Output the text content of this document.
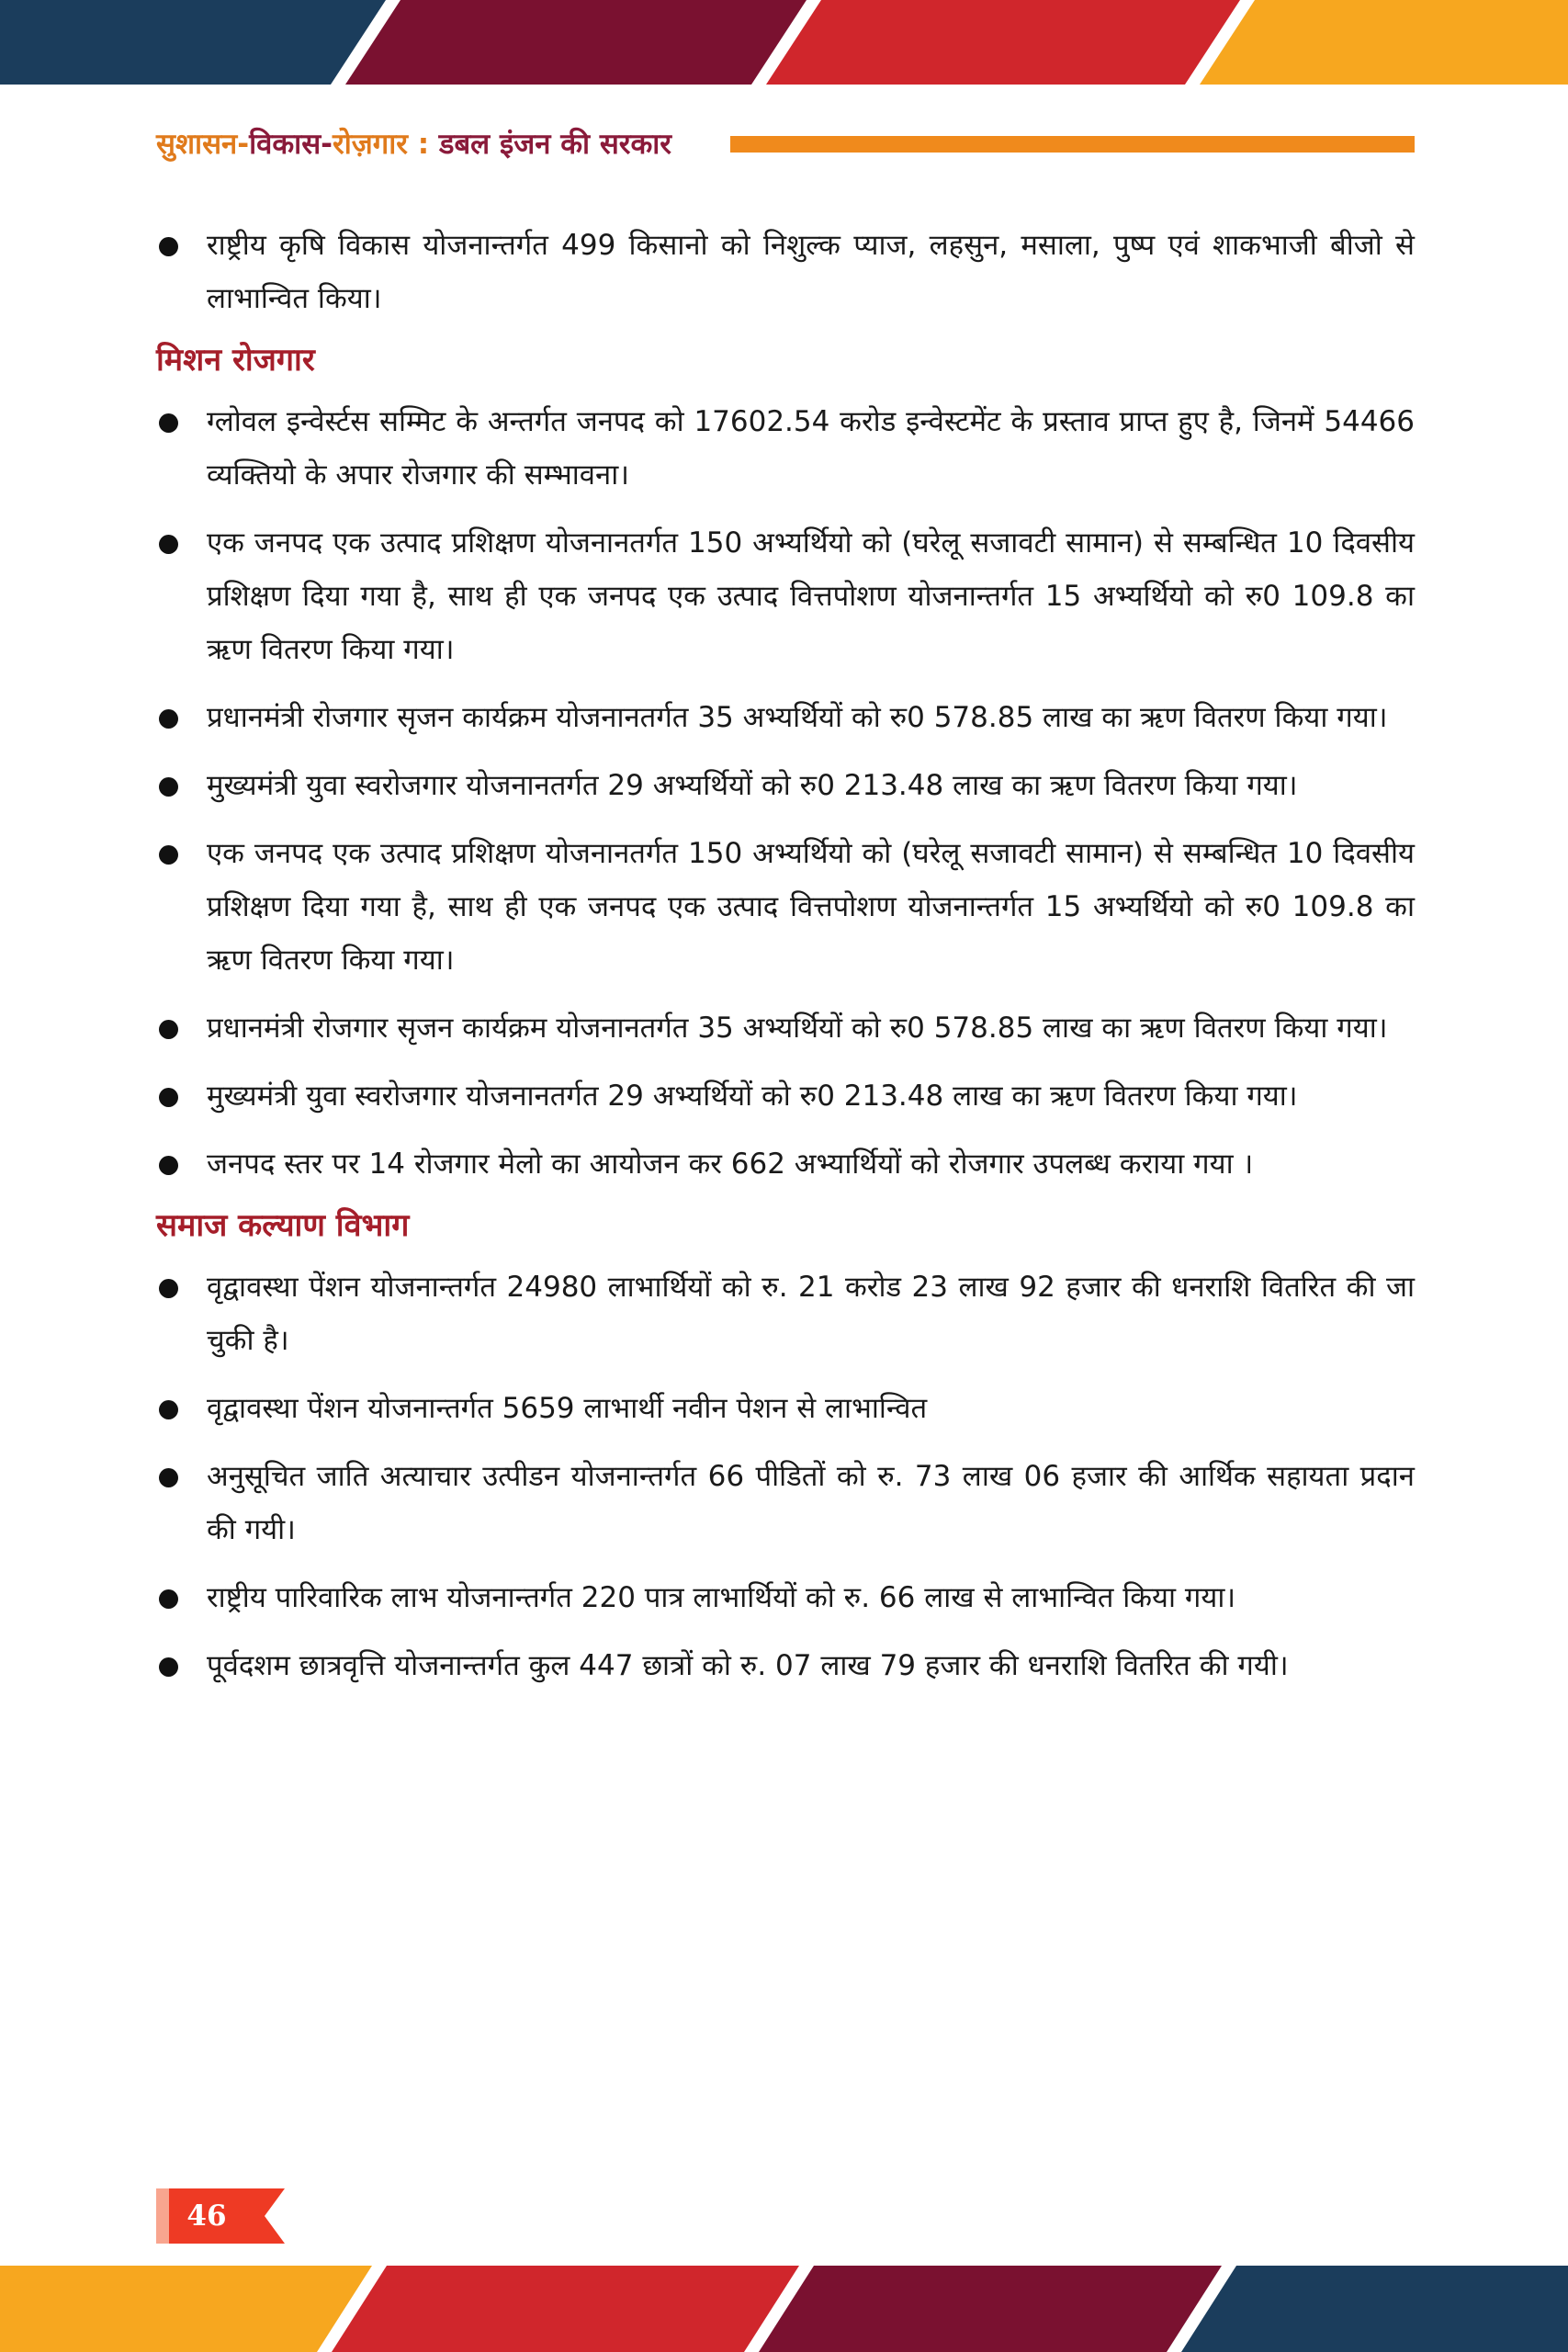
सुशासन-विकास-रोज़गार : डबल इंजन की सरकार
राष्ट्रीय कृषि विकास योजनान्तर्गत 499 किसानो को निशुल्क प्याज, लहसुन, मसाला, पुष्प एवं शाकभाजी बीजो से लाभान्वित किया।
मिशन रोजगार
ग्लोवल इन्वेर्स्टस सम्मिट के अन्तर्गत जनपद को 17602.54 करोड इन्वेस्टमेंट के प्रस्ताव प्राप्त हुए है, जिनमें 54466 व्यक्तियो के अपार रोजगार की सम्भावना।
एक जनपद एक उत्पाद प्रशिक्षण योजनानतर्गत 150 अभ्यर्थियो को (घरेलू सजावटी सामान) से सम्बन्धित 10 दिवसीय प्रशिक्षण दिया गया है, साथ ही एक जनपद एक उत्पाद वित्तपोशण योजनान्तर्गत 15 अभ्यर्थियो को रु0 109.8 का ऋण वितरण किया गया।
प्रधानमंत्री रोजगार सृजन कार्यक्रम योजनानतर्गत 35 अभ्यर्थियों को रु0 578.85 लाख का ऋण वितरण किया गया।
मुख्यमंत्री युवा स्वरोजगार योजनानतर्गत 29 अभ्यर्थियों को रु0 213.48 लाख का ऋण वितरण किया गया।
एक जनपद एक उत्पाद प्रशिक्षण योजनानतर्गत 150 अभ्यर्थियो को (घरेलू सजावटी सामान) से सम्बन्धित 10 दिवसीय प्रशिक्षण दिया गया है, साथ ही एक जनपद एक उत्पाद वित्तपोशण योजनान्तर्गत 15 अभ्यर्थियो को रु0 109.8 का ऋण वितरण किया गया।
प्रधानमंत्री रोजगार सृजन कार्यक्रम योजनानतर्गत 35 अभ्यर्थियों को रु0 578.85 लाख का ऋण वितरण किया गया।
मुख्यमंत्री युवा स्वरोजगार योजनानतर्गत 29 अभ्यर्थियों को रु0 213.48 लाख का ऋण वितरण किया गया।
जनपद स्तर पर 14 रोजगार मेलो का आयोजन कर 662 अभ्यार्थियों को रोजगार उपलब्ध कराया गया ।
समाज कल्याण विभाग
वृद्वावस्था पेंशन योजनान्तर्गत 24980 लाभार्थियों को रु. 21 करोड 23 लाख 92 हजार की धनराशि वितरित की जा चुकी है।
वृद्वावस्था पेंशन योजनान्तर्गत 5659 लाभार्थी नवीन पेशन से लाभान्वित
अनुसूचित जाति अत्याचार उत्पीडन योजनान्तर्गत 66 पीडितों को रु. 73 लाख 06 हजार की आर्थिक सहायता प्रदान की गयी।
राष्ट्रीय पारिवारिक लाभ योजनान्तर्गत 220 पात्र लाभार्थियों को रु. 66 लाख से लाभान्वित किया गया।
पूर्वदशम छात्रवृत्ति योजनान्तर्गत कुल 447 छात्रों को रु. 07 लाख 79 हजार की धनराशि वितरित की गयी।
46
